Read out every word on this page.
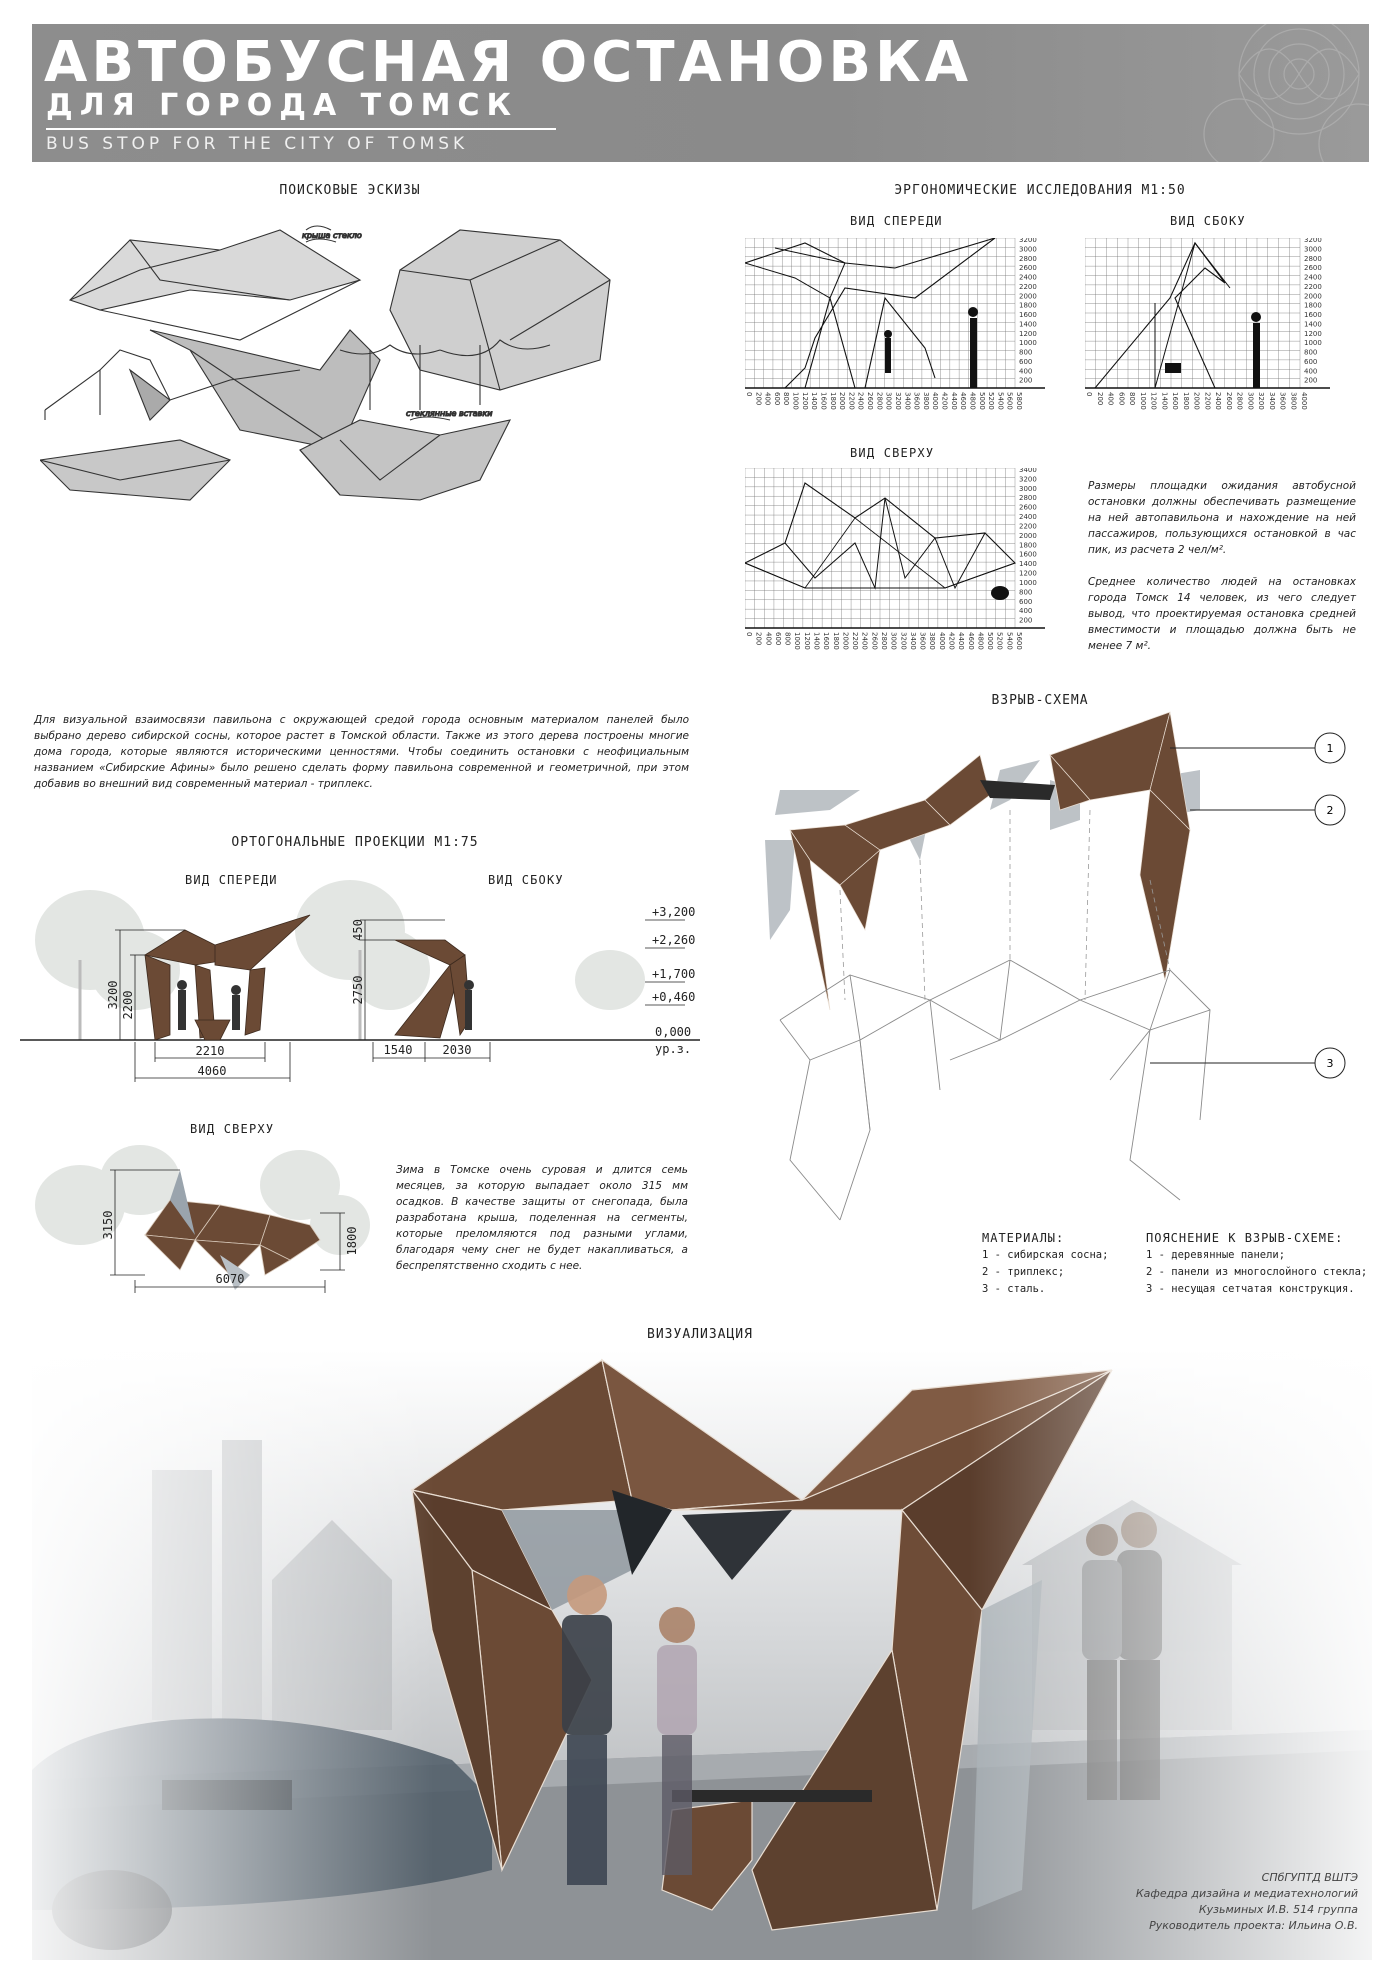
АВТОБУСНАЯ ОСТАНОВКА
ДЛЯ ГОРОДА ТОМСК
BUS STOP FOR THE CITY OF TOMSK
ПОИСКОВЫЕ ЭСКИЗЫ
крыша стекло
стеклянные вставки
ЭРГОНОМИЧЕСКИЕ ИССЛЕДОВАНИЯ М1:50
ВИД СПЕРЕДИ	ВИД СБОКУ
ВИД СВЕРХУ
3200
3000
2800
2600
2400
2200
2000
1800
1600
1400
1200
1000
800
600
400
200
0 200 400 600 800 1000 1200 1400 1600 1800 2000 2200 2400 2600 2800 3000 3200 3400 3600 3800 4000 4200 4400 4600 4800 5000 5200 5400 5600 5800
3200
3000
2800
2600
2400
2200
2000
1800
1600
1400
1200
1000
800
600
400
200
0 200 400 600 800 1000 1200 1400 1600 1800 2000 2200 2400 2600 2800 3000 3200 3400 3600 3800 4000
3400
3200
3000
2800
2600
2400
2200
2000
1800
1600
1400
1200
1000
800
600
400
200
0 200 400 600 800 1000 1200 1400 1600 1800 2000 2200 2400 2600 2800 3000 3200 3400 3600 3800 4000 4200 4400 4600 4800 5000 5200 5400 5600
Размеры площадки ожидания автобусной остановки должны обеспечивать размещение на ней автопавильона и нахождение на ней пассажиров, пользующихся остановкой в час пик, из расчета 2 чел/м².
Среднее количество людей на остановках города Томск 14 человек, из чего следует вывод, что проектируемая остановка средней вместимости и площадью должна быть не менее 7 м².
Для визуальной взаимосвязи павильона с окружающей средой города основным материалом панелей было выбрано дерево сибирской сосны, которое растет в Томской области. Также из этого дерева построены многие дома города, которые являются историческими ценностями. Чтобы соединить остановки с неофициальным названием «Сибирские Афины» было решено сделать форму павильона современной и геометричной, при этом добавив во внешний вид современный материал - триплекс.
ОРТОГОНАЛЬНЫЕ ПРОЕКЦИИ М1:75
ВИД СПЕРЕДИ	ВИД СБОКУ
3200 2200
2210
4060
450
2750
1540	2030
+3,200
+2,260
+1,700
+0,460
0,000
ур.з.
ВИД СВЕРХУ
3150
1800
6070
Зима в Томске очень суровая и длится семь месяцев, за которую выпадает около 315 мм осадков. В качестве защиты от снегопада, была разработана крыша, поделенная на сегменты, которые преломляются под разными углами, благодаря чему снег не будет накапливаться, а беспрепятственно сходить с нее.
ВЗРЫВ-СХЕМА
1
2
3
МАТЕРИАЛЫ:
1 - сибирская сосна;
2 - триплекс;
3 - сталь.
ПОЯСНЕНИЕ К ВЗРЫВ-СХЕМЕ:
1 - деревянные панели;
2 - панели из многослойного стекла;
3 - несущая сетчатая конструкция.
ВИЗУАЛИЗАЦИЯ
СПбГУПТД ВШТЭ
Кафедра дизайна и медиатехнологий
Кузьминых И.В. 514 группа
Руководитель проекта: Ильина О.В.
